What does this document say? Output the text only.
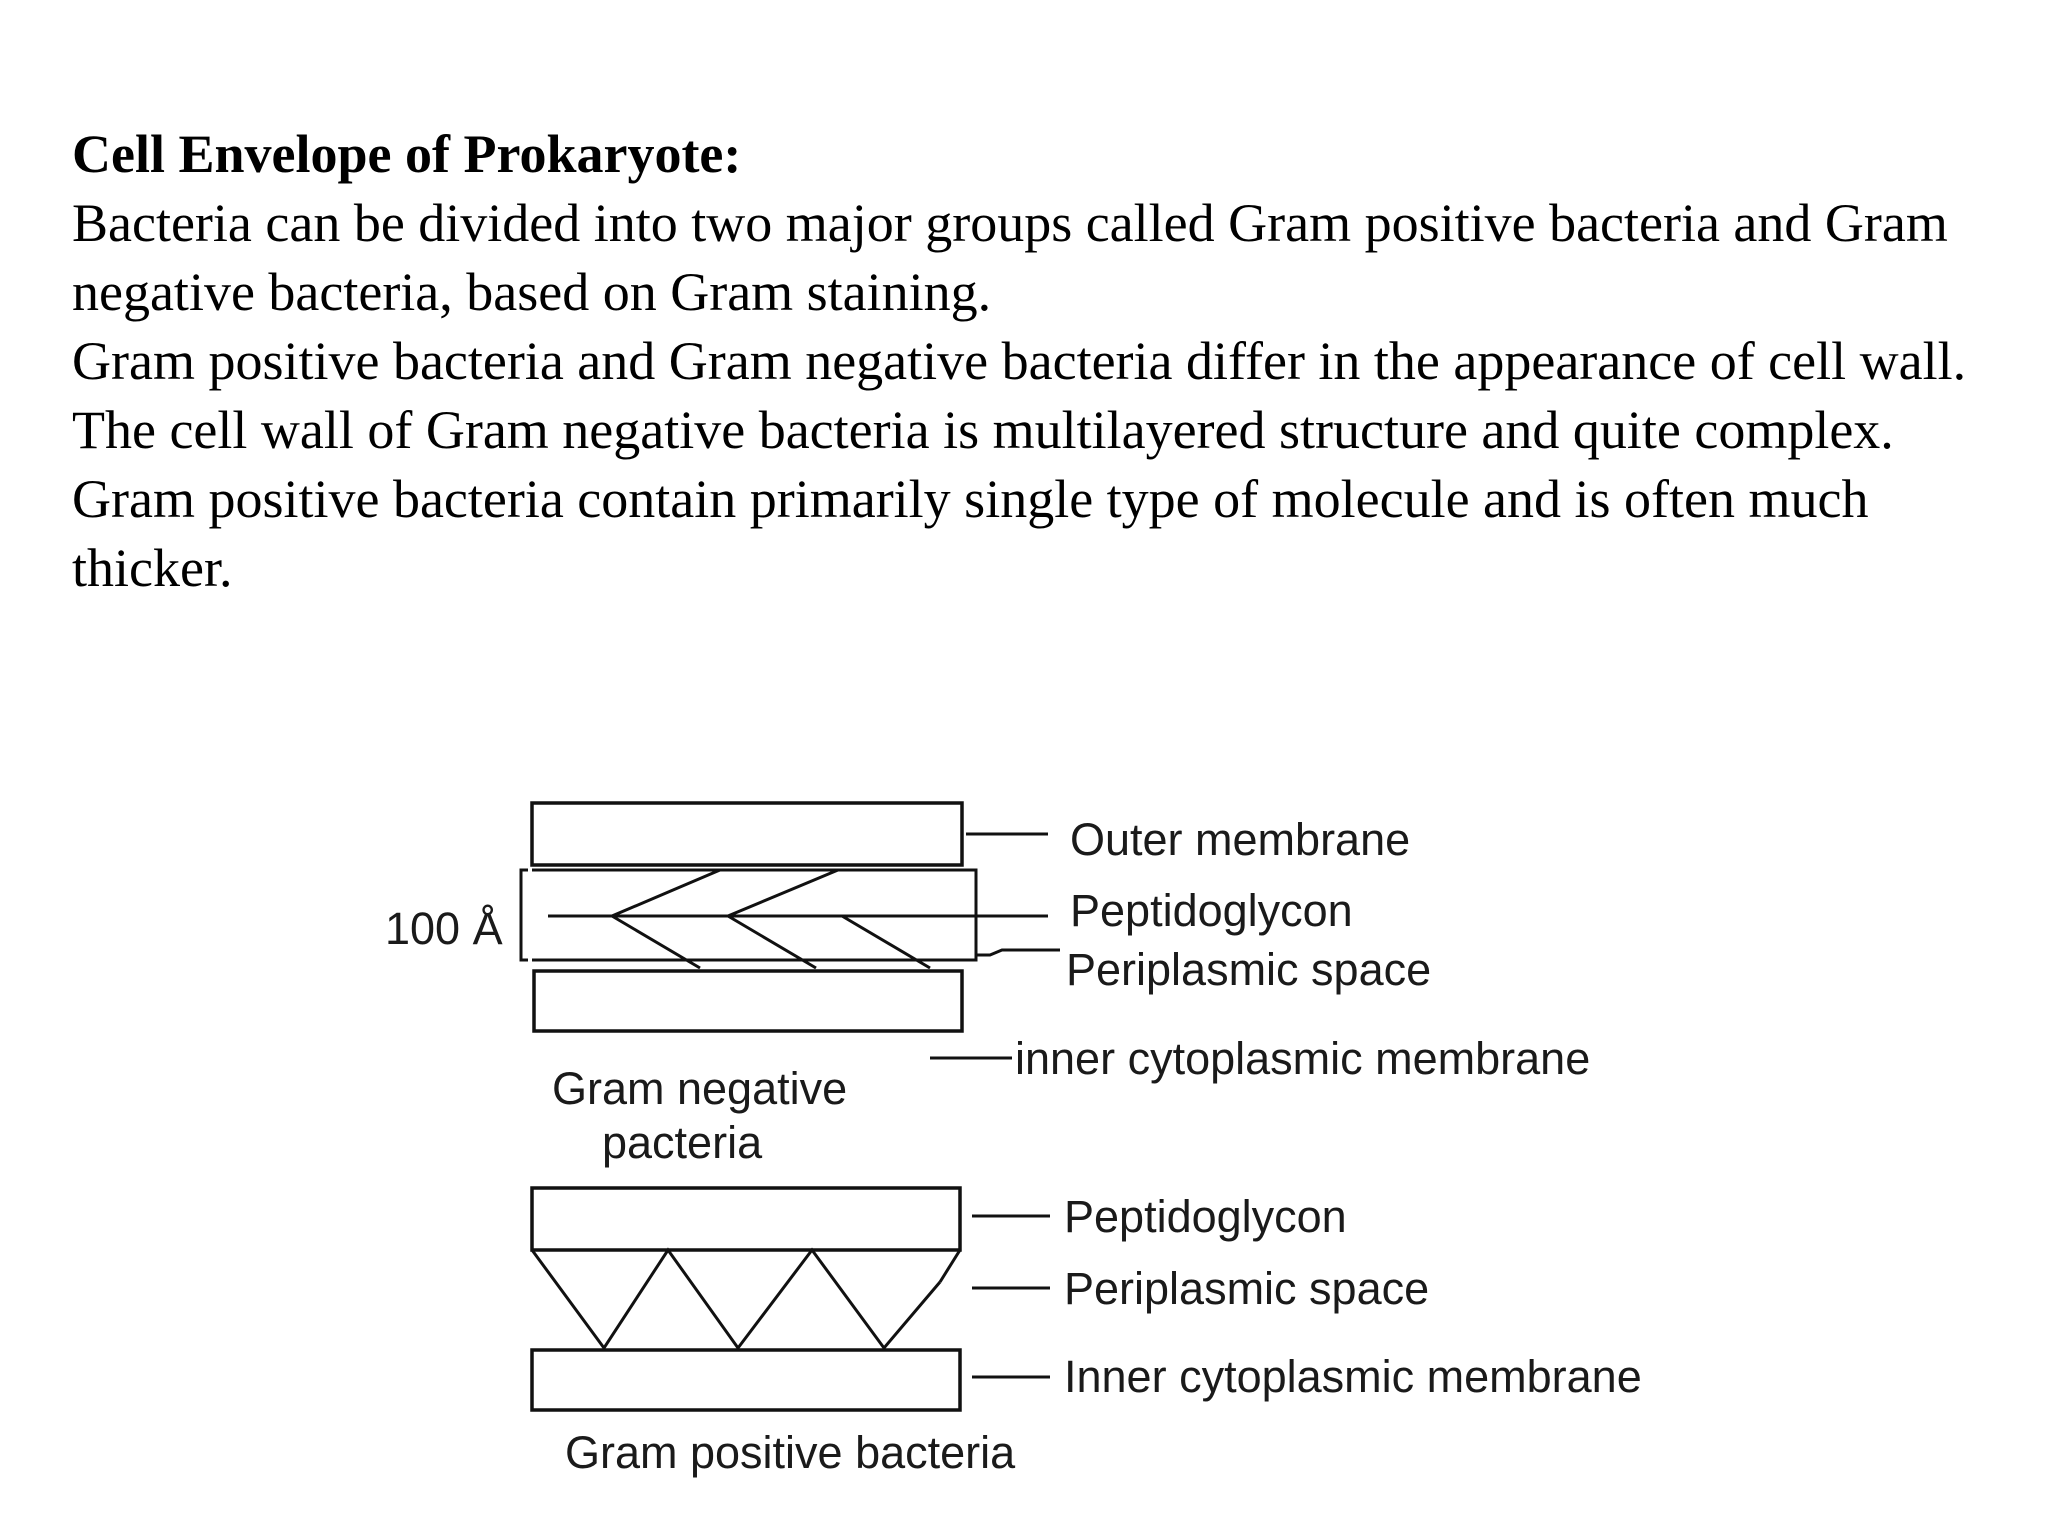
Cell Envelope of Prokaryote:

Bacteria can be divided into two major groups called Gram positive bacteria and Gram negative bacteria, based on Gram staining.

Gram positive bacteria and Gram negative bacteria differ in the appearance of cell wall.

The cell wall of Gram negative bacteria is multilayered structure and quite complex.

Gram positive bacteria contain primarily single type of molecule and is often much thicker.

100 Å
Outer membrane
Peptidoglycon
Periplasmic space
inner cytoplasmic membrane
Gram negative
pacteria
Peptidoglycon
Periplasmic space
Inner cytoplasmic membrane
Gram positive bacteria
